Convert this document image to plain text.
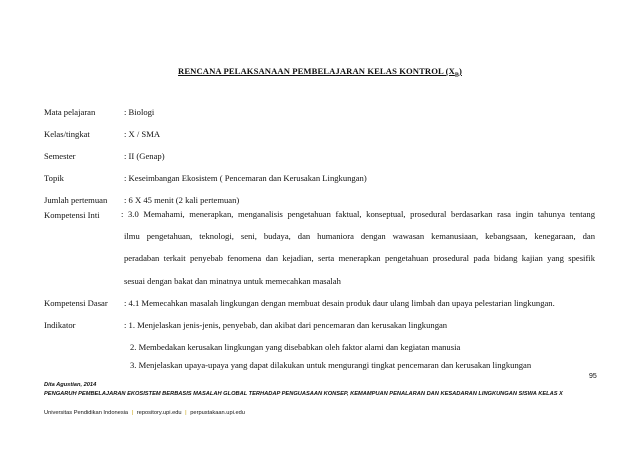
RENCANA PELAKSANAAN PEMBELAJARAN KELAS KONTROL $(X_B)$
Mata pelajaran	: Biologi
Kelas/tingkat	: X / SMA
Semester	: II (Genap)
Topik	: Keseimbangan Ekosistem ( Pencemaran dan Kerusakan Lingkungan)
Jumlah pertemuan : 6 X 45 menit (2 kali pertemuan)
Kompetensi Inti : 3.0 Memahami, menerapkan, menganalisis pengetahuan faktual, konseptual, prosedural berdasarkan rasa ingin tahunya tentang
ilmu pengetahuan, teknologi, seni, budaya, dan humaniora dengan wawasan kemanusiaan, kebangsaan, kenegaraan, dan
peradaban terkait penyebab fenomena dan kejadian, serta menerapkan pengetahuan prosedural pada bidang kajian yang spesifik
sesuai dengan bakat dan minatnya untuk memecahkan masalah
Kompetensi Dasar : 4.1 Memecahkan masalah lingkungan dengan membuat desain produk daur ulang limbah dan upaya pelestarian lingkungan.
Indikator	: 1. Menjelaskan jenis-jenis, penyebab, dan akibat dari pencemaran dan kerusakan lingkungan
2. Membedakan kerusakan lingkungan yang disebabkan oleh faktor alami dan kegiatan manusia
3. Menjelaskan upaya-upaya yang dapat dilakukan untuk mengurangi tingkat pencemaran dan kerusakan lingkungan
95
Dita Agustian, 2014
PENGARUH PEMBELAJARAN EKOSISTEM BERBASIS MASALAH GLOBAL TERHADAP PENGUASAAN KONSEP, KEMAMPUAN PENALARAN DAN KESADARAN LINGKUNGAN SISWA KELAS X
Universitas Pendidikan Indonesia | repository.upi.edu | perpustakaan.upi.edu
